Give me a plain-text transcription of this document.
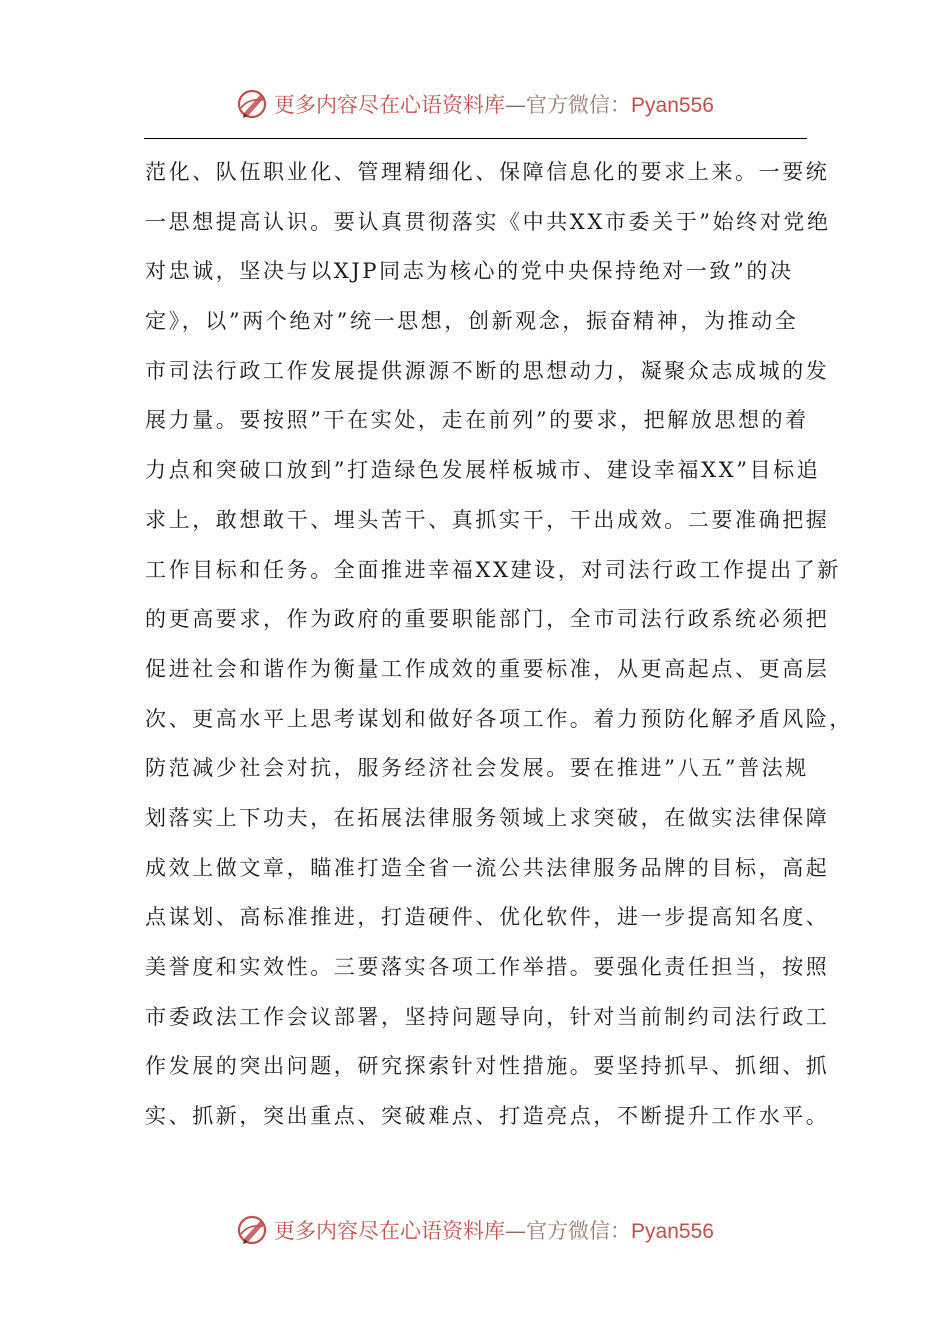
更多内容尽在心语资料库—官方微信：Pyan556
范化、队伍职业化、管理精细化、保障信息化的要求上来。一要统
一思想提高认识。要认真贯彻落实《中共XX市委关于”始终对党绝
对忠诚，坚决与以XJP同志为核心的党中央保持绝对一致”的决
定》，以”两个绝对”统一思想，创新观念，振奋精神，为推动全
市司法行政工作发展提供源源不断的思想动力，凝聚众志成城的发
展力量。要按照”干在实处，走在前列”的要求，把解放思想的着
力点和突破口放到”打造绿色发展样板城市、建设幸福XX”目标追
求上，敢想敢干、埋头苦干、真抓实干，干出成效。二要准确把握
工作目标和任务。全面推进幸福XX建设，对司法行政工作提出了新
的更高要求，作为政府的重要职能部门，全市司法行政系统必须把
促进社会和谐作为衡量工作成效的重要标准，从更高起点、更高层
次、更高水平上思考谋划和做好各项工作。着力预防化解矛盾风险，
防范减少社会对抗，服务经济社会发展。要在推进”八五”普法规
划落实上下功夫，在拓展法律服务领域上求突破，在做实法律保障
成效上做文章，瞄准打造全省一流公共法律服务品牌的目标，高起
点谋划、高标准推进，打造硬件、优化软件，进一步提高知名度、
美誉度和实效性。三要落实各项工作举措。要强化责任担当，按照
市委政法工作会议部署，坚持问题导向，针对当前制约司法行政工
作发展的突出问题，研究探索针对性措施。要坚持抓早、抓细、抓
实、抓新，突出重点、突破难点、打造亮点，不断提升工作水平。
更多内容尽在心语资料库—官方微信：Pyan556
